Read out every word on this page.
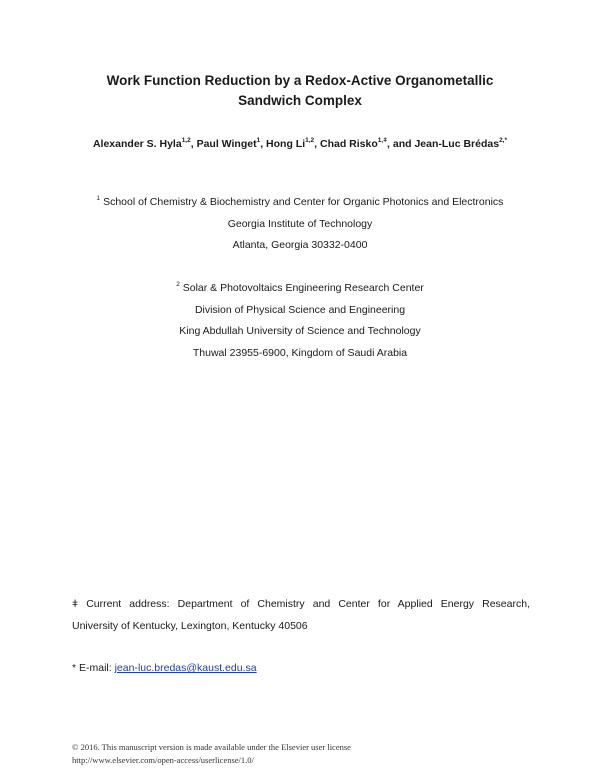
Work Function Reduction by a Redox-Active Organometallic
Sandwich Complex
Alexander S. Hyla$^{1,2}$, Paul Winget$^1$, Hong Li$^{1,2}$, Chad Risko$^{1,ǂ}$, and Jean-Luc Brédas$^{2,*}$
$^1$ School of Chemistry & Biochemistry and Center for Organic Photonics and Electronics
Georgia Institute of Technology
Atlanta, Georgia 30332-0400
$^2$ Solar & Photovoltaics Engineering Research Center
Division of Physical Science and Engineering
King Abdullah University of Science and Technology
Thuwal 23955-6900, Kingdom of Saudi Arabia
ǂ Current address: Department of Chemistry and Center for Applied Energy Research,
University of Kentucky, Lexington, Kentucky 40506
* E-mail: jean-luc.bredas@kaust.edu.sa
© 2016. This manuscript version is made available under the Elsevier user license
http://www.elsevier.com/open-access/userlicense/1.0/
